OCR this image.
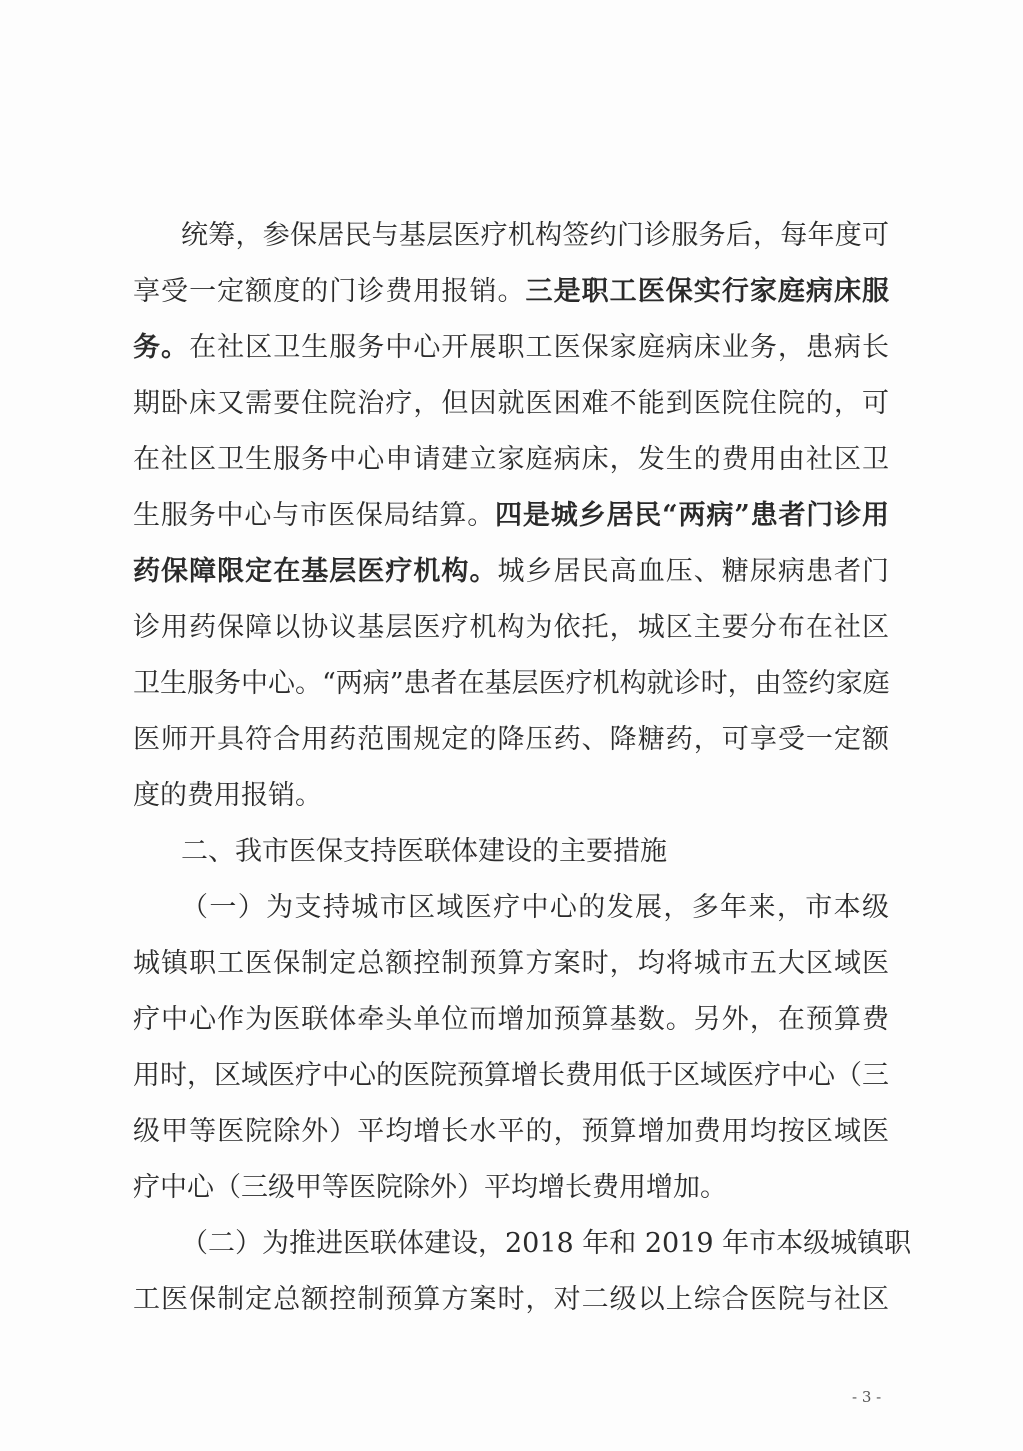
统筹，参保居民与基层医疗机构签约门诊服务后，每年度可
享受一定额度的门诊费用报销。三是职工医保实行家庭病床服
务。在社区卫生服务中心开展职工医保家庭病床业务，患病长
期卧床又需要住院治疗，但因就医困难不能到医院住院的，可
在社区卫生服务中心申请建立家庭病床，发生的费用由社区卫
生服务中心与市医保局结算。四是城乡居民“两病”患者门诊用
药保障限定在基层医疗机构。城乡居民高血压、糖尿病患者门
诊用药保障以协议基层医疗机构为依托，城区主要分布在社区
卫生服务中心。“两病”患者在基层医疗机构就诊时，由签约家庭
医师开具符合用药范围规定的降压药、降糖药，可享受一定额
度的费用报销。
二、我市医保支持医联体建设的主要措施
（一）为支持城市区域医疗中心的发展，多年来，市本级
城镇职工医保制定总额控制预算方案时，均将城市五大区域医
疗中心作为医联体牵头单位而增加预算基数。另外，在预算费
用时，区域医疗中心的医院预算增长费用低于区域医疗中心（三
级甲等医院除外）平均增长水平的，预算增加费用均按区域医
疗中心（三级甲等医院除外）平均增长费用增加。
（二）为推进医联体建设，2018 年和 2019 年市本级城镇职
工医保制定总额控制预算方案时，对二级以上综合医院与社区
- 3 -
